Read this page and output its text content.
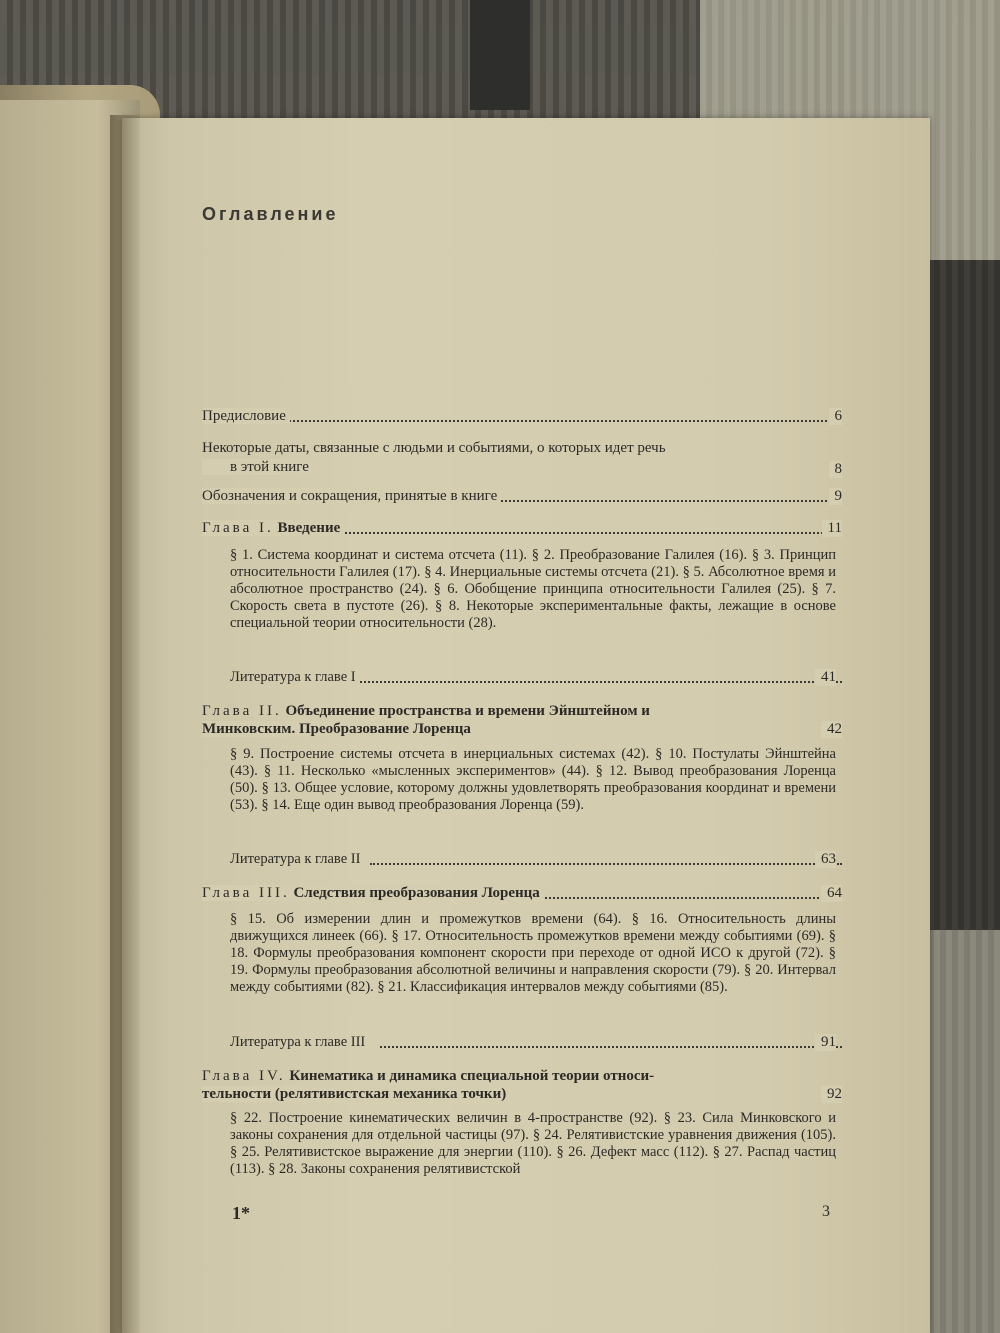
Оглавление
Предисловие	6
Некоторые даты, связанные с людьми и событиями, о которых идет речь
в этой книге	8
Обозначения и сокращения, принятые в книге	9
Глава I. Введение	11
§ 1. Система координат и система отсчета (11). § 2. Преобразование Галилея (16). § 3. Принцип относительности Галилея (17). § 4. Инерциальные системы отсчета (21). § 5. Абсолютное время и абсолютное пространство (24). § 6. Обобщение принципа относительности Галилея (25). § 7. Скорость света в пустоте (26). § 8. Некоторые экспериментальные факты, лежащие в основе специальной теории относительности (28).
Литература к главе I	41
Глава II. Объединение пространства и времени Эйнштейном и
Минковским. Преобразование Лоренца	42
§ 9. Построение системы отсчета в инерциальных системах (42). § 10. Постулаты Эйнштейна (43). § 11. Несколько «мысленных экспериментов» (44). § 12. Вывод преобразования Лоренца (50). § 13. Общее условие, которому должны удовлетворять преобразования координат и времени (53). § 14. Еще один вывод преобразования Лоренца (59).
Литература к главе II	63
Глава III. Следствия преобразования Лоренца	64
§ 15. Об измерении длин и промежутков времени (64). § 16. Относительность длины движущихся линеек (66). § 17. Относительность промежутков времени между событиями (69). § 18. Формулы преобразования компонент скорости при переходе от одной ИСО к другой (72). § 19. Формулы преобразования абсолютной величины и направления скорости (79). § 20. Интервал между событиями (82). § 21. Классификация интервалов между событиями (85).
Литература к главе III	91
Глава IV. Кинематика и динамика специальной теории относи-
тельности (релятивистская механика точки)	92
§ 22. Построение кинематических величин в 4-пространстве (92). § 23. Сила Минковского и законы сохранения для отдельной частицы (97). § 24. Релятивистские уравнения движения (105). § 25. Релятивистское выражение для энергии (110). § 26. Дефект масс (112). § 27. Распад частиц (113). § 28. Законы сохранения релятивистской
1*	3
